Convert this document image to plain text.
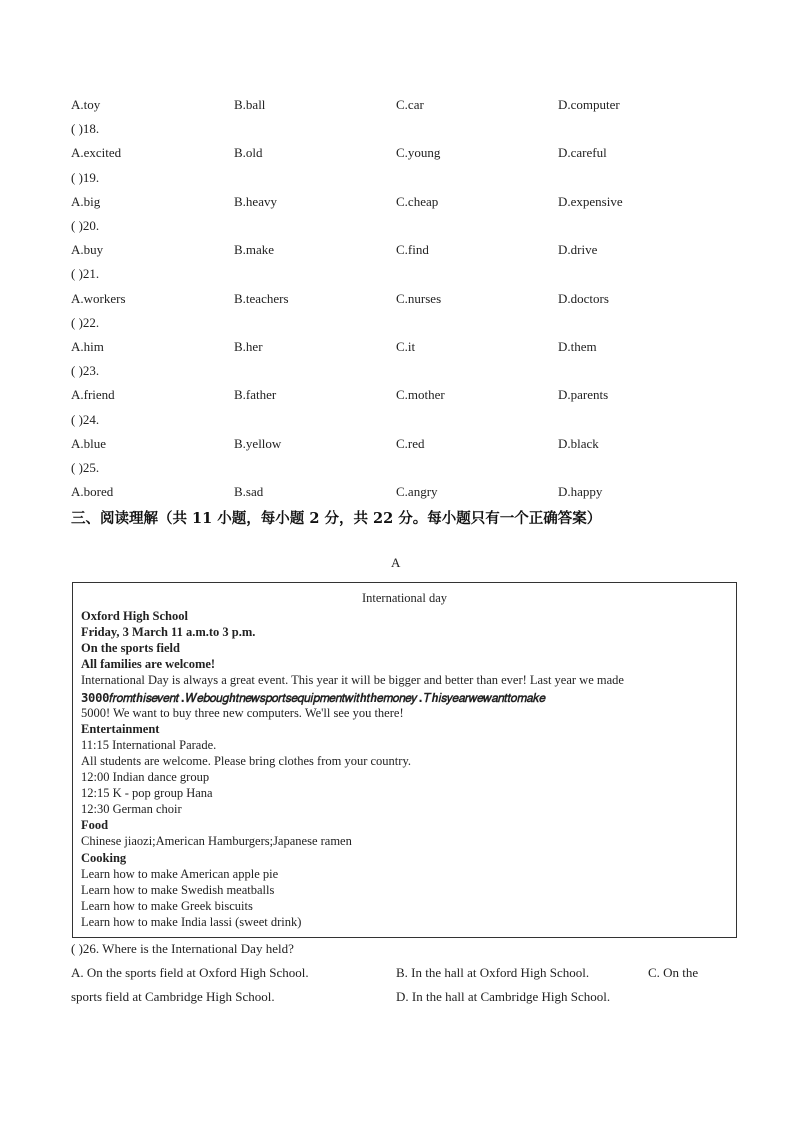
A.toy	B.ball	C.car	D.computer
( )18.
A.excited	B.old	C.young	D.careful
( )19.
A.big	B.heavy	C.cheap	D.expensive
( )20.
A.buy	B.make	C.find	D.drive
( )21.
A.workers	B.teachers	C.nurses	D.doctors
( )22.
A.him	B.her	C.it	D.them
( )23.
A.friend	B.father	C.mother	D.parents
( )24.
A.blue	B.yellow	C.red	D.black
( )25.
A.bored	B.sad	C.angry	D.happy
三、阅读理解（共 11 小题，每小题 2 分，共 22 分。每小题只有一个正确答案）
A
International day
Oxford High School
Friday, 3 March 11 a.m.to 3 p.m.
On the sports field
All families are welcome!
International Day is always a great event. This year it will be bigger and better than ever! Last year we made
3000𝑓𝑟𝑜𝑚𝑡ℎ𝑖𝑠𝑒𝑣𝑒𝑛𝑡.𝑊𝑒𝑏𝑜𝑢𝑔ℎ𝑡𝑛𝑒𝑤𝑠𝑝𝑜𝑟𝑡𝑠𝑒𝑞𝑢𝑖𝑝𝑚𝑒𝑛𝑡𝑤𝑖𝑡ℎ𝑡ℎ𝑒𝑚𝑜𝑛𝑒𝑦.𝑇ℎ𝑖𝑠𝑦𝑒𝑎𝑟𝑤𝑒𝑤𝑎𝑛𝑡𝑡𝑜𝑚𝑎𝑘𝑒
5000! We want to buy three new computers. We'll see you there!
Entertainment
11:15 International Parade.
All students are welcome. Please bring clothes from your country.
12:00 Indian dance group
12:15 K - pop group Hana
12:30 German choir
Food
Chinese jiaozi;American Hamburgers;Japanese ramen
Cooking
Learn how to make American apple pie
Learn how to make Swedish meatballs
Learn how to make Greek biscuits
Learn how to make India lassi (sweet drink)
( )26. Where is the International Day held?
A. On the sports field at Oxford High School.	B. In the hall at Oxford High School.	C. On the
sports field at Cambridge High School.	D. In the hall at Cambridge High School.
